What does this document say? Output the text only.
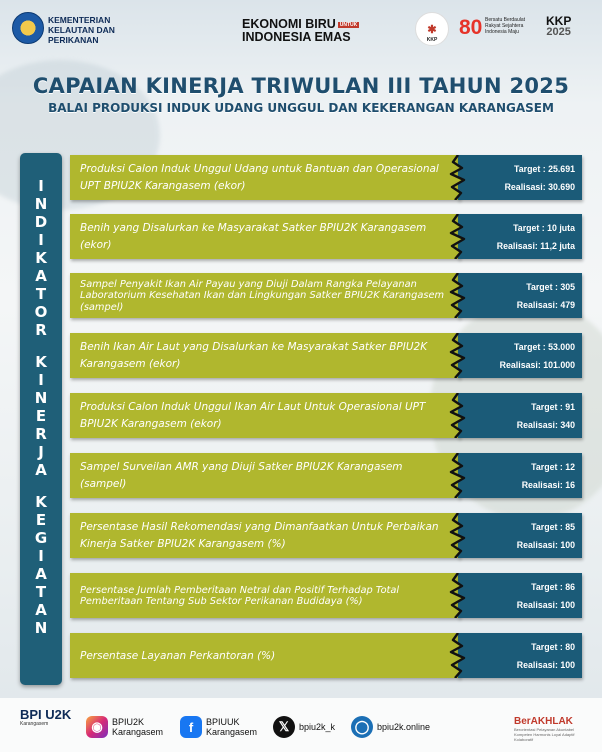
KEMENTERIAN KELAUTAN DAN PERIKANAN
EKONOMI BIRU UNTUK
INDONESIA EMAS
✱
KKP
80 Bersatu Berdaulat Rakyat Sejahtera Indonesia Maju
KKP
2025
CAPAIAN KINERJA TRIWULAN III TAHUN 2025
BALAI PRODUKSI INDUK UDANG UNGGUL DAN KEKERANGAN KARANGASEM
I
N
D
I
K
A
T
O
R
K
I
N
E
R
J
A
K
E
G
I
A
T
A
N
Produksi Calon Induk Unggul Udang untuk Bantuan dan Operasional UPT BPIU2K Karangasem (ekor)
Target : 25.691
Realisasi: 30.690
Benih yang Disalurkan ke Masyarakat Satker BPIU2K Karangasem (ekor)
Target : 10 juta
Realisasi: 11,2 juta
Sampel Penyakit Ikan Air Payau yang Diuji Dalam Rangka Pelayanan Laboratorium Kesehatan Ikan dan Lingkungan Satker BPIU2K Karangasem (sampel)
Target : 305
Realisasi: 479
Benih Ikan Air Laut yang Disalurkan ke Masyarakat Satker BPIU2K Karangasem (ekor)
Target : 53.000
Realisasi: 101.000
Produksi Calon Induk Unggul Ikan Air Laut Untuk Operasional UPT BPIU2K Karangasem (ekor)
Target : 91
Realisasi: 340
Sampel Surveilan AMR yang Diuji Satker BPIU2K Karangasem (sampel)
Target : 12
Realisasi: 16
Persentase Hasil Rekomendasi yang Dimanfaatkan Untuk Perbaikan Kinerja Satker BPIU2K Karangasem (%)
Target : 85
Realisasi: 100
Persentase Jumlah Pemberitaan Netral dan Positif Terhadap Total Pemberitaan Tentang Sub Sektor Perikanan Budidaya (%)
Target : 86
Realisasi: 100
Persentase Layanan Perkantoran (%)
Target : 80
Realisasi: 100
BPI U2K
Karangasem	◉	BPIU2K Karangasem	f	BPIUUK Karangasem	𝕏	bpiu2k_k ◯ bpiu2k.online	BerAKHLAK
Berorientasi Pelayanan Akuntabel Kompeten Harmonis Loyal Adaptif Kolaboratif
